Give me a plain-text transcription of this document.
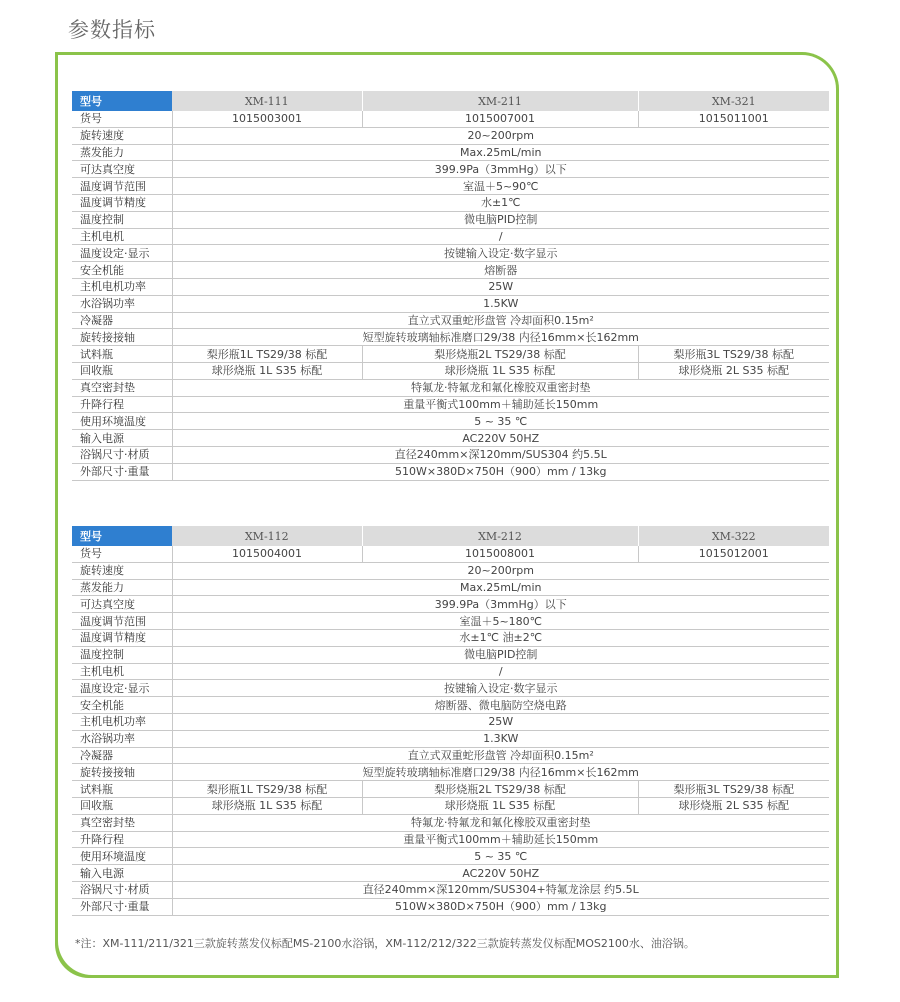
参数指标
型号	XM-111	XM-211	XM-321
货号	1015003001	1015007001	1015011001
旋转速度	20~200rpm		
蒸发能力	Max.25mL/min		
可达真空度	399.9Pa（3mmHg）以下		
温度调节范围	室温＋5~90℃		
温度调节精度	水±1℃		
温度控制	微电脑PID控制		
主机电机	/		
温度设定·显示	按键输入设定·数字显示		
安全机能	熔断器		
主机电机功率	25W		
水浴锅功率	1.5KW		
冷凝器	直立式双重蛇形盘管 冷却面积0.15m²		
旋转接接轴	短型旋转玻璃轴标准磨口29/38 内径16mm×长162mm		
试料瓶	梨形瓶1L TS29/38 标配	梨形烧瓶2L TS29/38 标配	梨形瓶3L TS29/38 标配
回收瓶	球形烧瓶 1L S35 标配	球形烧瓶 1L S35 标配	球形烧瓶 2L S35 标配
真空密封垫	特氟龙·特氟龙和氟化橡胶双重密封垫		
升降行程	重量平衡式100mm＋辅助延长150mm		
使用环境温度	5 ~ 35 ℃		
输入电源	AC220V 50HZ		
浴锅尺寸·材质	直径240mm×深120mm/SUS304 约5.5L		
外部尺寸·重量	510W×380D×750H（900）mm / 13kg		
型号	XM-112	XM-212	XM-322
货号	1015004001	1015008001	1015012001
旋转速度	20~200rpm		
蒸发能力	Max.25mL/min		
可达真空度	399.9Pa（3mmHg）以下		
温度调节范围	室温＋5~180℃		
温度调节精度	水±1℃ 油±2℃		
温度控制	微电脑PID控制		
主机电机	/		
温度设定·显示	按键输入设定·数字显示		
安全机能	熔断器、微电脑防空烧电路		
主机电机功率	25W		
水浴锅功率	1.3KW		
冷凝器	直立式双重蛇形盘管 冷却面积0.15m²		
旋转接接轴	短型旋转玻璃轴标准磨口29/38 内径16mm×长162mm		
试料瓶	梨形瓶1L TS29/38 标配	梨形烧瓶2L TS29/38 标配	梨形瓶3L TS29/38 标配
回收瓶	球形烧瓶 1L S35 标配	球形烧瓶 1L S35 标配	球形烧瓶 2L S35 标配
真空密封垫	特氟龙·特氟龙和氟化橡胶双重密封垫		
升降行程	重量平衡式100mm＋辅助延长150mm		
使用环境温度	5 ~ 35 ℃		
输入电源	AC220V 50HZ		
浴锅尺寸·材质	直径240mm×深120mm/SUS304+特氟龙涂层 约5.5L		
外部尺寸·重量	510W×380D×750H（900）mm / 13kg		
*注：XM-111/211/321三款旋转蒸发仪标配MS-2100水浴锅，XM-112/212/322三款旋转蒸发仪标配MOS2100水、油浴锅。
